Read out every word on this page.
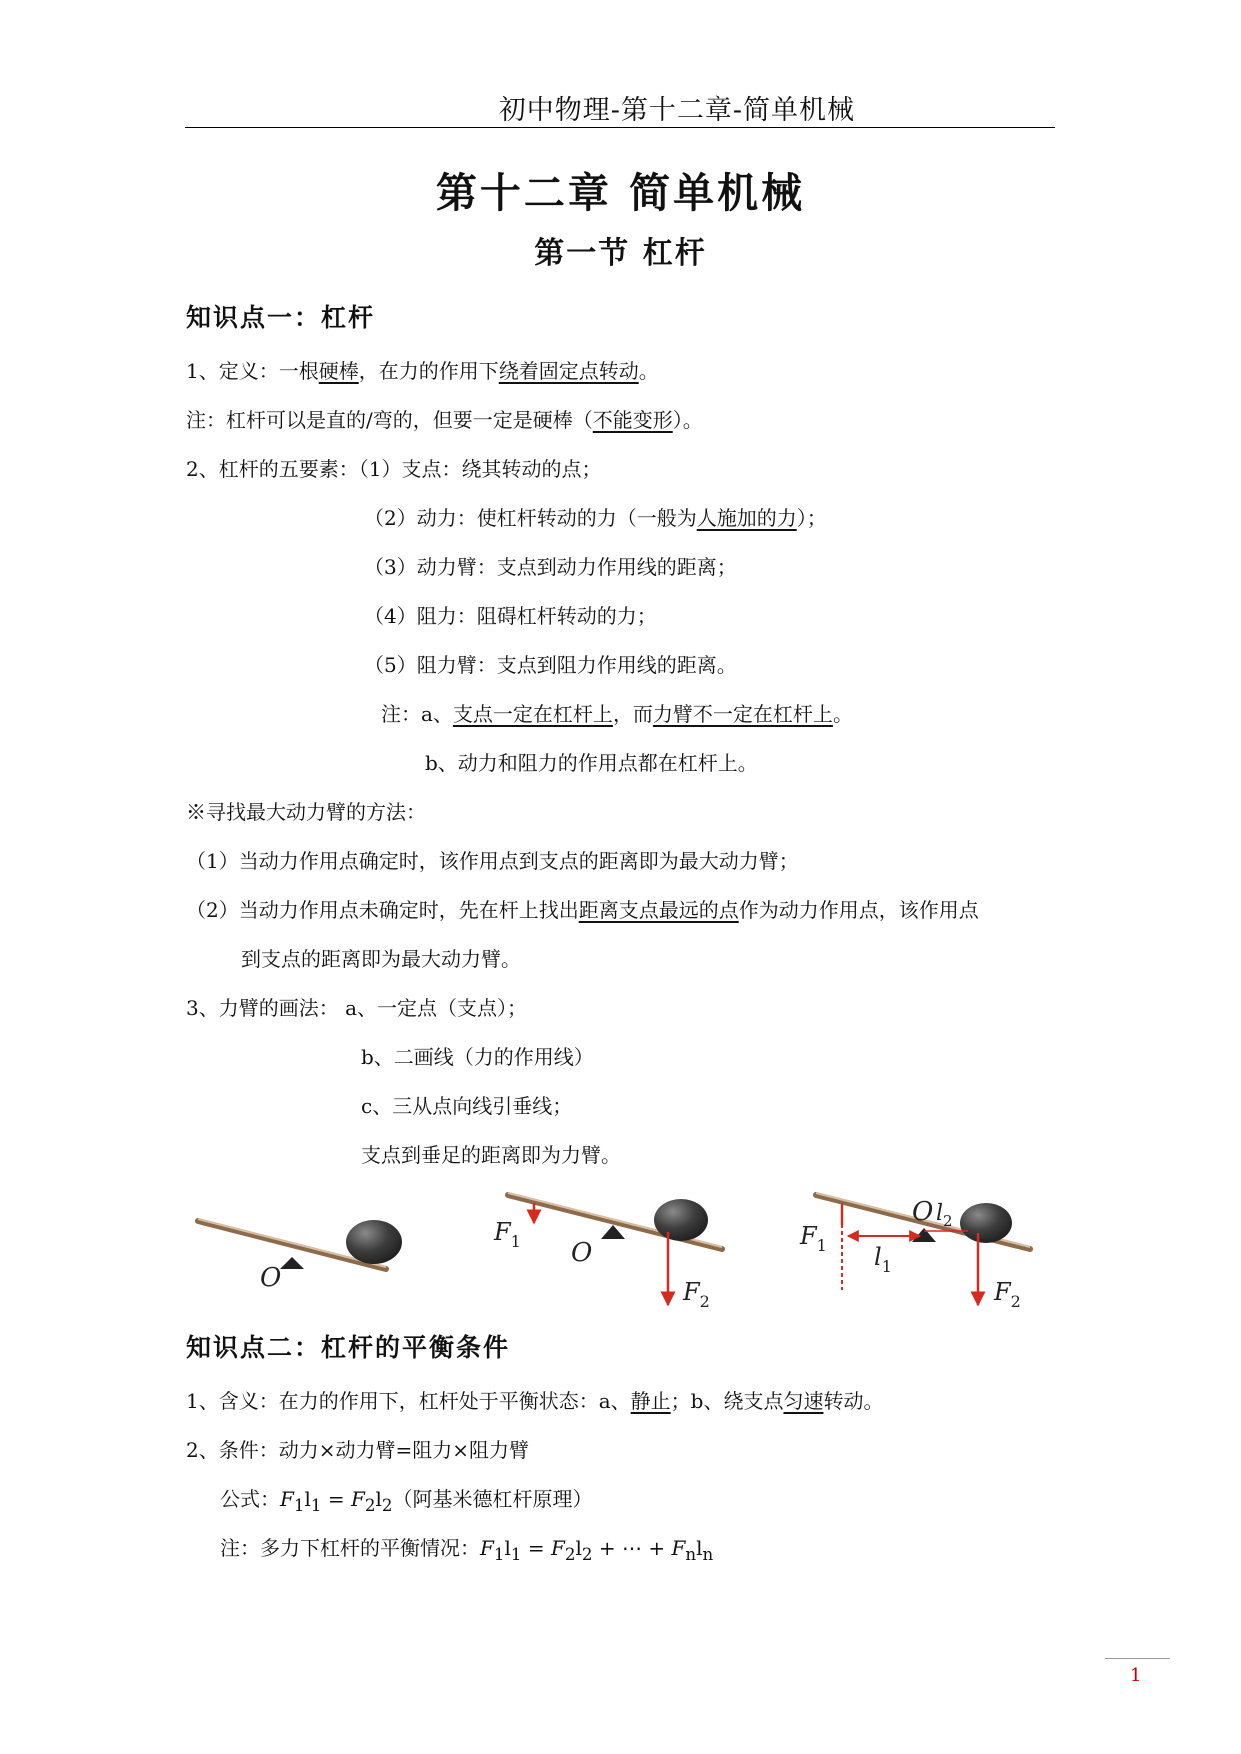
初中物理-第十二章-简单机械
第十二章 简单机械
第一节 杠杆
知识点一：杠杆
1、定义：一根硬棒，在力的作用下绕着固定点转动。
注：杠杆可以是直的/弯的，但要一定是硬棒（不能变形）。
2、杠杆的五要素：（1）支点：绕其转动的点；
（2）动力：使杠杆转动的力（一般为人施加的力）；
（3）动力臂：支点到动力作用线的距离；
（4）阻力：阻碍杠杆转动的力；
（5）阻力臂：支点到阻力作用线的距离。
注：a、支点一定在杠杆上，而力臂不一定在杠杆上。
b、动力和阻力的作用点都在杠杆上。
※寻找最大动力臂的方法：
（1）当动力作用点确定时，该作用点到支点的距离即为最大动力臂；
（2）当动力作用点未确定时，先在杆上找出距离支点最远的点作为动力作用点，该作用点
到支点的距离即为最大动力臂。
3、力臂的画法： a、一定点（支点）；
b、二画线（力的作用线）
c、三从点向线引垂线；
支点到垂足的距离即为力臂。
O
$F_1$ O
$F_2$
$F_1$ $l_1$
O $l_2$
$F_2$
知识点二：杠杆的平衡条件
1、含义：在力的作用下，杠杆处于平衡状态：a、静止；b、绕支点匀速转动。
2、条件：动力×动力臂=阻力×阻力臂
公式：$F_1l_1 = F_2l_2$（阿基米德杠杆原理）
注：多力下杠杆的平衡情况：$F_1l_1 = F_2l_2$ + ⋯ + $F_nl_n$
1
